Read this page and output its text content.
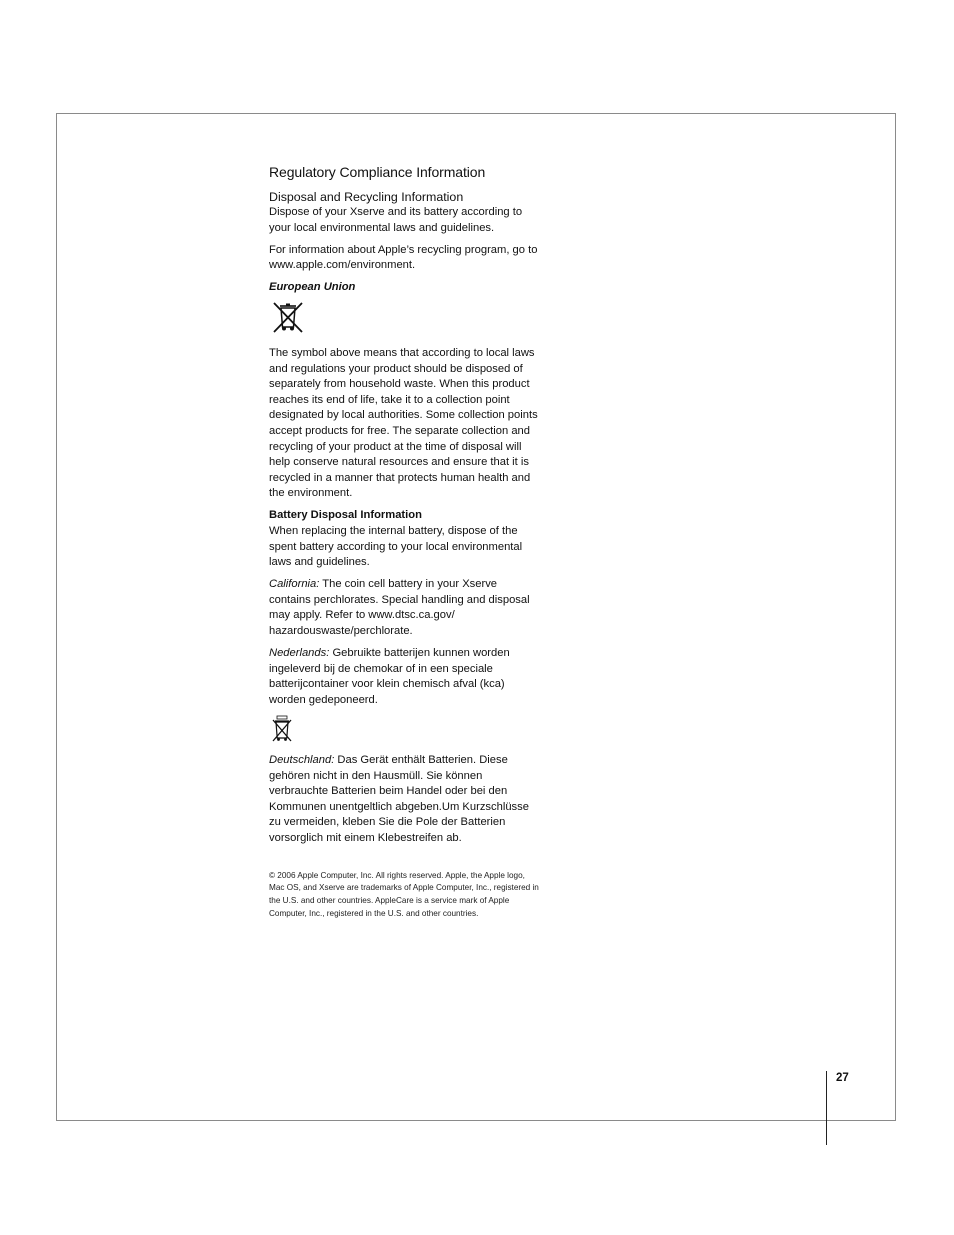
Regulatory Compliance Information
Disposal and Recycling Information

Dispose of your Xserve and its battery according to your local environmental laws and guidelines.

For information about Apple’s recycling program, go to www.apple.com/environment.

European Union

The symbol above means that according to local laws and regulations your product should be disposed of separately from household waste. When this product reaches its end of life, take it to a collection point designated by local authorities. Some collection points accept products for free. The separate collection and recycling of your product at the time of disposal will help conserve natural resources and ensure that it is recycled in a manner that protects human health and the environment.

Battery Disposal Information

When replacing the internal battery, dispose of the spent battery according to your local environmental laws and guidelines.

California: The coin cell battery in your Xserve contains perchlorates. Special handling and disposal may apply. Refer to www.dtsc.ca.gov/ hazardouswaste/perchlorate.

Nederlands: Gebruikte batterijen kunnen worden ingeleverd bij de chemokar of in een speciale batterijcontainer voor klein chemisch afval (kca) worden gedeponeerd.

Deutschland: Das Gerät enthält Batterien. Diese gehören nicht in den Hausmüll. Sie können verbrauchte Batterien beim Handel oder bei den Kommunen unentgeltlich abgeben.Um Kurzschlüsse zu vermeiden, kleben Sie die Pole der Batterien vorsorglich mit einem Klebestreifen ab.

© 2006 Apple Computer, Inc. All rights reserved. Apple, the Apple logo, Mac OS, and Xserve are trademarks of Apple Computer, Inc., registered in the U.S. and other countries. AppleCare is a service mark of Apple Computer, Inc., registered in the U.S. and other countries.
27
